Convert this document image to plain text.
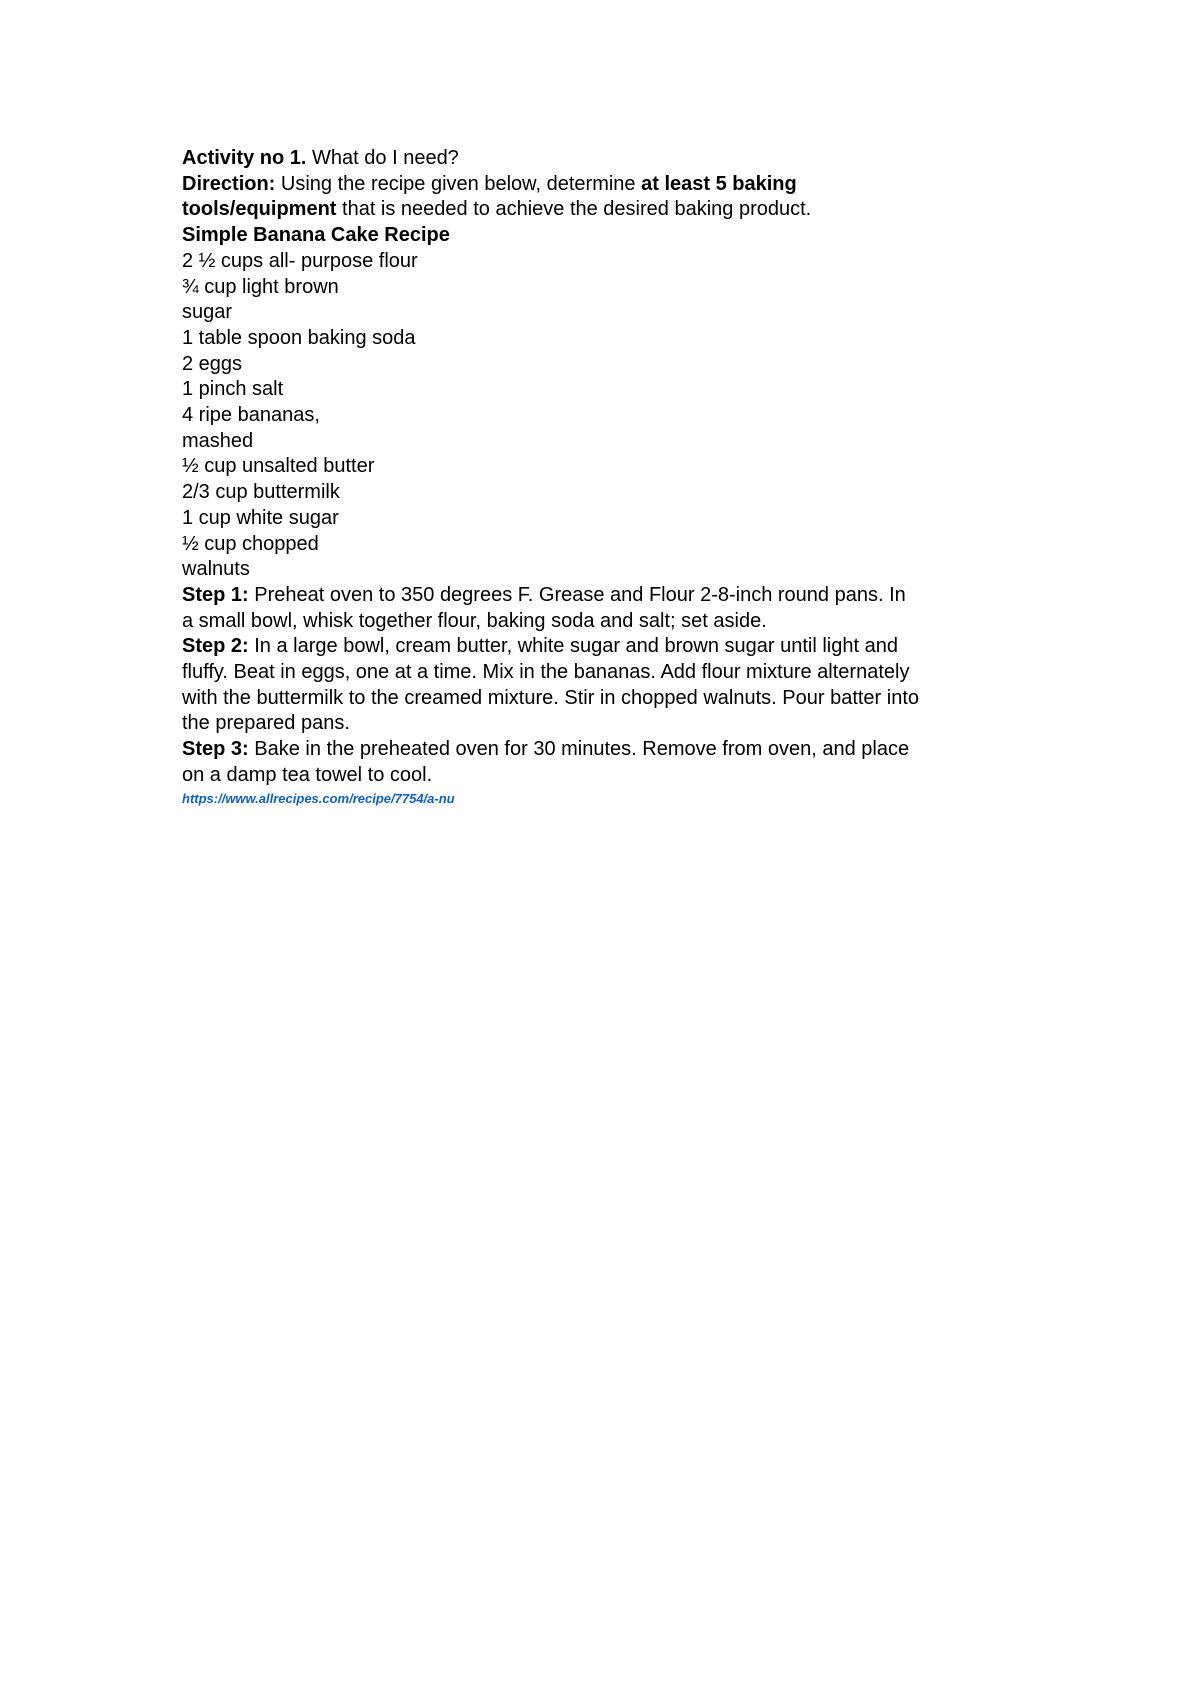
Activity no 1. What do I need?
Direction: Using the recipe given below, determine at least 5 baking
tools/equipment that is needed to achieve the desired baking product.
Simple Banana Cake Recipe
2 ½ cups all- purpose flour
¾ cup light brown
sugar
1 table spoon baking soda
2 eggs
1 pinch salt
4 ripe bananas,
mashed
½ cup unsalted butter
2/3 cup buttermilk
1 cup white sugar
½ cup chopped
walnuts
Step 1: Preheat oven to 350 degrees F. Grease and Flour 2-8-inch round pans. In
a small bowl, whisk together flour, baking soda and salt; set aside.
Step 2: In a large bowl, cream butter, white sugar and brown sugar until light and
fluffy. Beat in eggs, one at a time. Mix in the bananas. Add flour mixture alternately
with the buttermilk to the creamed mixture. Stir in chopped walnuts. Pour batter into
the prepared pans.
Step 3: Bake in the preheated oven for 30 minutes. Remove from oven, and place
on a damp tea towel to cool.
https://www.allrecipes.com/recipe/7754/a-nu
